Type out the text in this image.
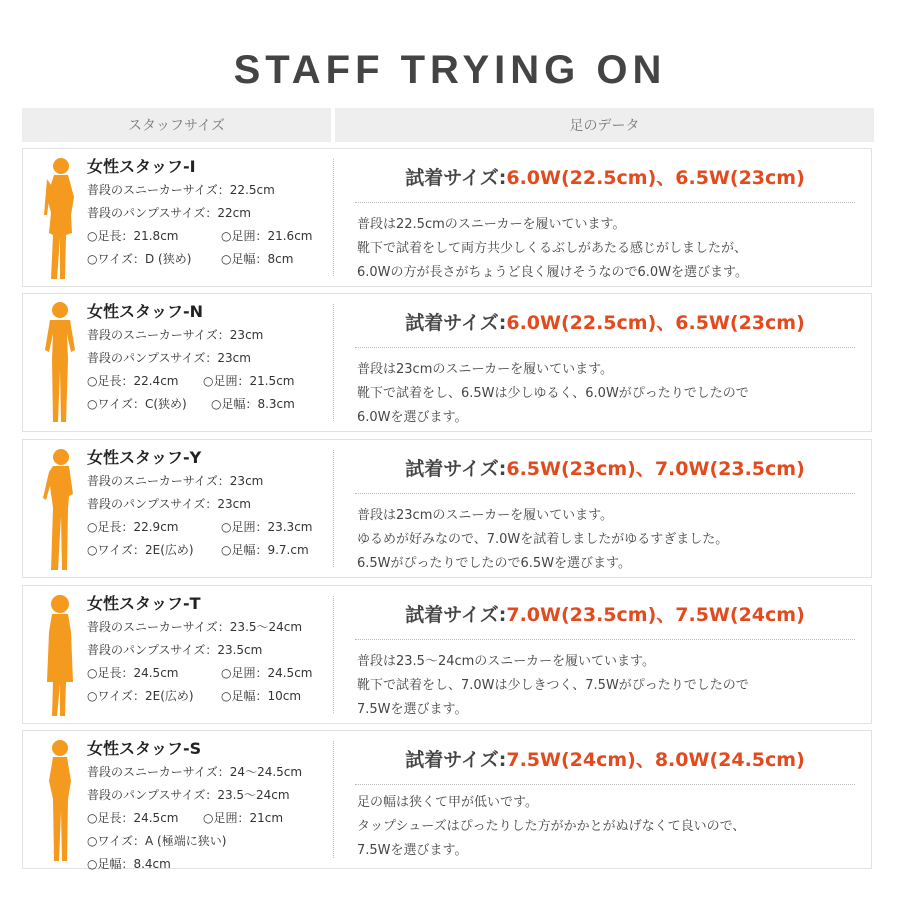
STAFF TRYING ON
スタッフサイズ	足のデータ
女性スタッフ-I
普段のスニーカーサイズ：22.5cm
普段のパンプスサイズ：22cm
○足長：21.8cm	○足囲：21.6cm
○ワイズ：D (狭め)	○足幅：8cm
試着サイズ:6.0W(22.5cm)、6.5W(23cm)
普段は22.5cmのスニーカーを履いています。
靴下で試着をして両方共少しくるぶしがあたる感じがしましたが、
6.0Wの方が長さがちょうど良く履けそうなので6.0Wを選びます。
女性スタッフ-N
普段のスニーカーサイズ：23cm
普段のパンプスサイズ：23cm
○足長：22.4cm	○足囲：21.5cm
○ワイズ：C(狭め)	○足幅：8.3cm
試着サイズ:6.0W(22.5cm)、6.5W(23cm)
普段は23cmのスニーカーを履いています。
靴下で試着をし、6.5Wは少しゆるく、6.0Wがぴったりでしたので
6.0Wを選びます。
女性スタッフ-Y
普段のスニーカーサイズ：23cm
普段のパンプスサイズ：23cm
○足長：22.9cm	○足囲：23.3cm
○ワイズ：2E(広め)	○足幅：9.7.cm
試着サイズ:6.5W(23cm)、7.0W(23.5cm)
普段は23cmのスニーカーを履いています。
ゆるめが好みなので、7.0Wを試着しましたがゆるすぎました。
6.5Wがぴったりでしたので6.5Wを選びます。
女性スタッフ-T
普段のスニーカーサイズ：23.5〜24cm
普段のパンプスサイズ：23.5cm
○足長：24.5cm	○足囲：24.5cm
○ワイズ：2E(広め)	○足幅：10cm
試着サイズ:7.0W(23.5cm)、7.5W(24cm)
普段は23.5〜24cmのスニーカーを履いています。
靴下で試着をし、7.0Wは少しきつく、7.5Wがぴったりでしたので
7.5Wを選びます。
女性スタッフ-S
普段のスニーカーサイズ：24〜24.5cm
普段のパンプスサイズ：23.5〜24cm
○足長：24.5cm	○足囲：21cm
○ワイズ：A (極端に狭い)
○足幅：8.4cm
試着サイズ:7.5W(24cm)、8.0W(24.5cm)
足の幅は狭くて甲が低いです。
タップシューズはぴったりした方がかかとがぬげなくて良いので、
7.5Wを選びます。
